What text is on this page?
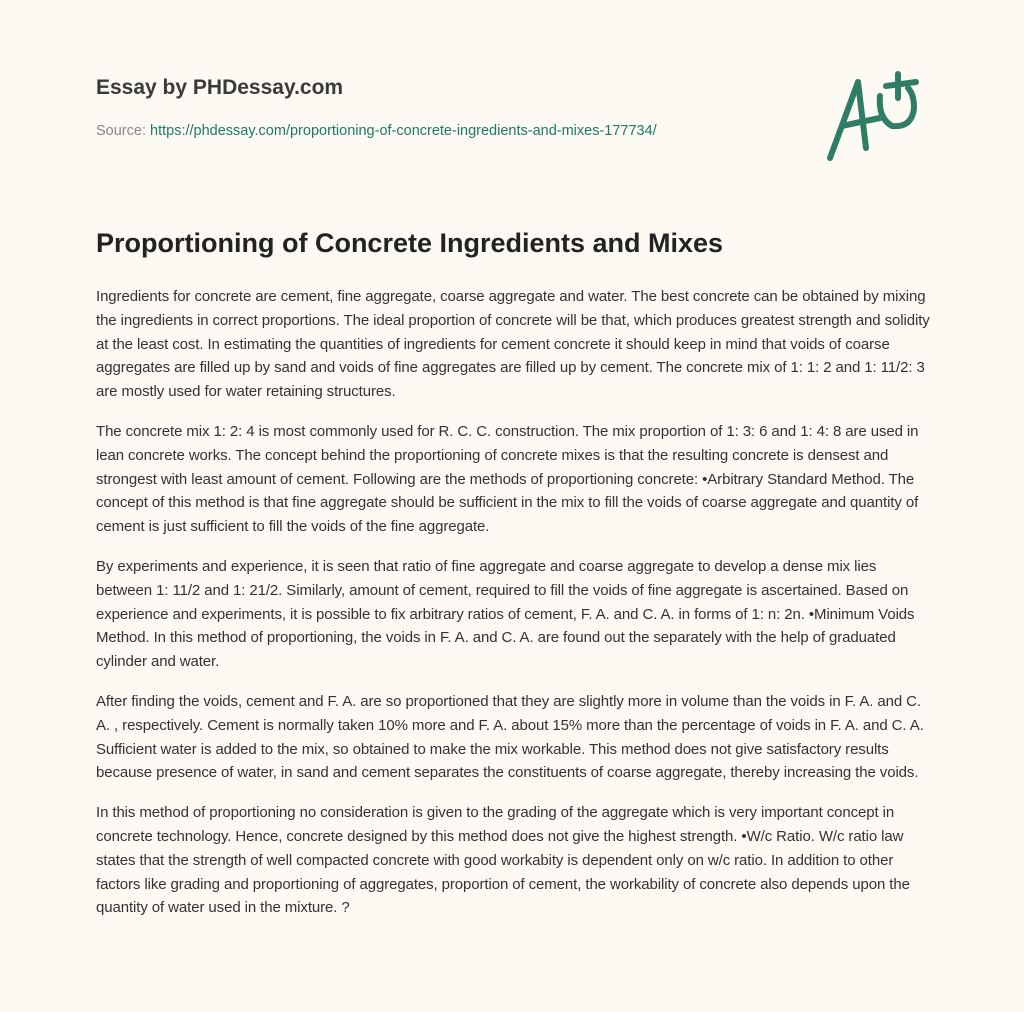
Essay by PHDessay.com
Source: https://phdessay.com/proportioning-of-concrete-ingredients-and-mixes-177734/
Proportioning of Concrete Ingredients and Mixes

Ingredients for concrete are cement, fine aggregate, coarse aggregate and water. The best concrete can be obtained by mixing the ingredients in correct proportions. The ideal proportion of concrete will be that, which produces greatest strength and solidity at the least cost. In estimating the quantities of ingredients for cement concrete it should keep in mind that voids of coarse aggregates are filled up by sand and voids of fine aggregates are filled up by cement. The concrete mix of 1: 1: 2 and 1: 11/2: 3 are mostly used for water retaining structures.

The concrete mix 1: 2: 4 is most commonly used for R. C. C. construction. The mix proportion of 1: 3: 6 and 1: 4: 8 are used in lean concrete works. The concept behind the proportioning of concrete mixes is that the resulting concrete is densest and strongest with least amount of cement. Following are the methods of proportioning concrete: •Arbitrary Standard Method. The concept of this method is that fine aggregate should be sufficient in the mix to fill the voids of coarse aggregate and quantity of cement is just sufficient to fill the voids of the fine aggregate.

By experiments and experience, it is seen that ratio of fine aggregate and coarse aggregate to develop a dense mix lies between 1: 11/2 and 1: 21/2. Similarly, amount of cement, required to fill the voids of fine aggregate is ascertained. Based on experience and experiments, it is possible to fix arbitrary ratios of cement, F. A. and C. A. in forms of 1: n: 2n. •Minimum Voids Method. In this method of proportioning, the voids in F. A. and C. A. are found out the separately with the help of graduated cylinder and water.

After finding the voids, cement and F. A. are so proportioned that they are slightly more in volume than the voids in F. A. and C. A. , respectively. Cement is normally taken 10% more and F. A. about 15% more than the percentage of voids in F. A. and C. A. Sufficient water is added to the mix, so obtained to make the mix workable. This method does not give satisfactory results because presence of water, in sand and cement separates the constituents of coarse aggregate, thereby increasing the voids.

In this method of proportioning no consideration is given to the grading of the aggregate which is very important concept in concrete technology. Hence, concrete designed by this method does not give the highest strength. •W/c Ratio. W/c ratio law states that the strength of well compacted concrete with good workabity is dependent only on w/c ratio. In addition to other factors like grading and proportioning of aggregates, proportion of cement, the workability of concrete also depends upon the quantity of water used in the mixture. ?
